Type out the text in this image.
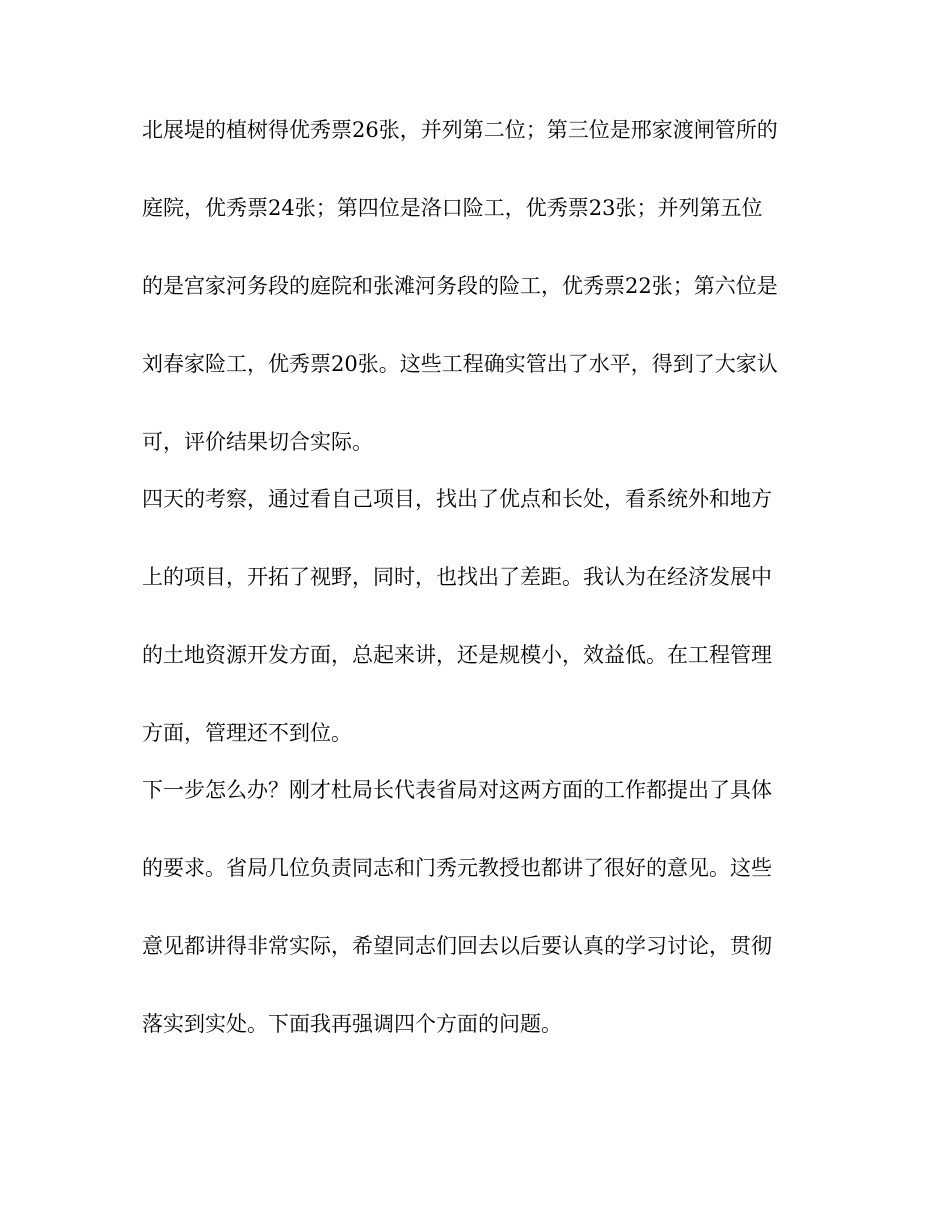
北展堤的植树得优秀票26张，并列第二位；第三位是邢家渡闸管所的

庭院，优秀票24张；第四位是洛口险工，优秀票23张；并列第五位

的是宫家河务段的庭院和张滩河务段的险工，优秀票22张；第六位是

刘春家险工，优秀票20张。这些工程确实管出了水平，得到了大家认

可，评价结果切合实际。

四天的考察，通过看自己项目，找出了优点和长处，看系统外和地方

上的项目，开拓了视野，同时，也找出了差距。我认为在经济发展中

的土地资源开发方面，总起来讲，还是规模小，效益低。在工程管理

方面，管理还不到位。

下一步怎么办？刚才杜局长代表省局对这两方面的工作都提出了具体

的要求。省局几位负责同志和门秀元教授也都讲了很好的意见。这些

意见都讲得非常实际，希望同志们回去以后要认真的学习讨论，贯彻

落实到实处。下面我再强调四个方面的问题。
